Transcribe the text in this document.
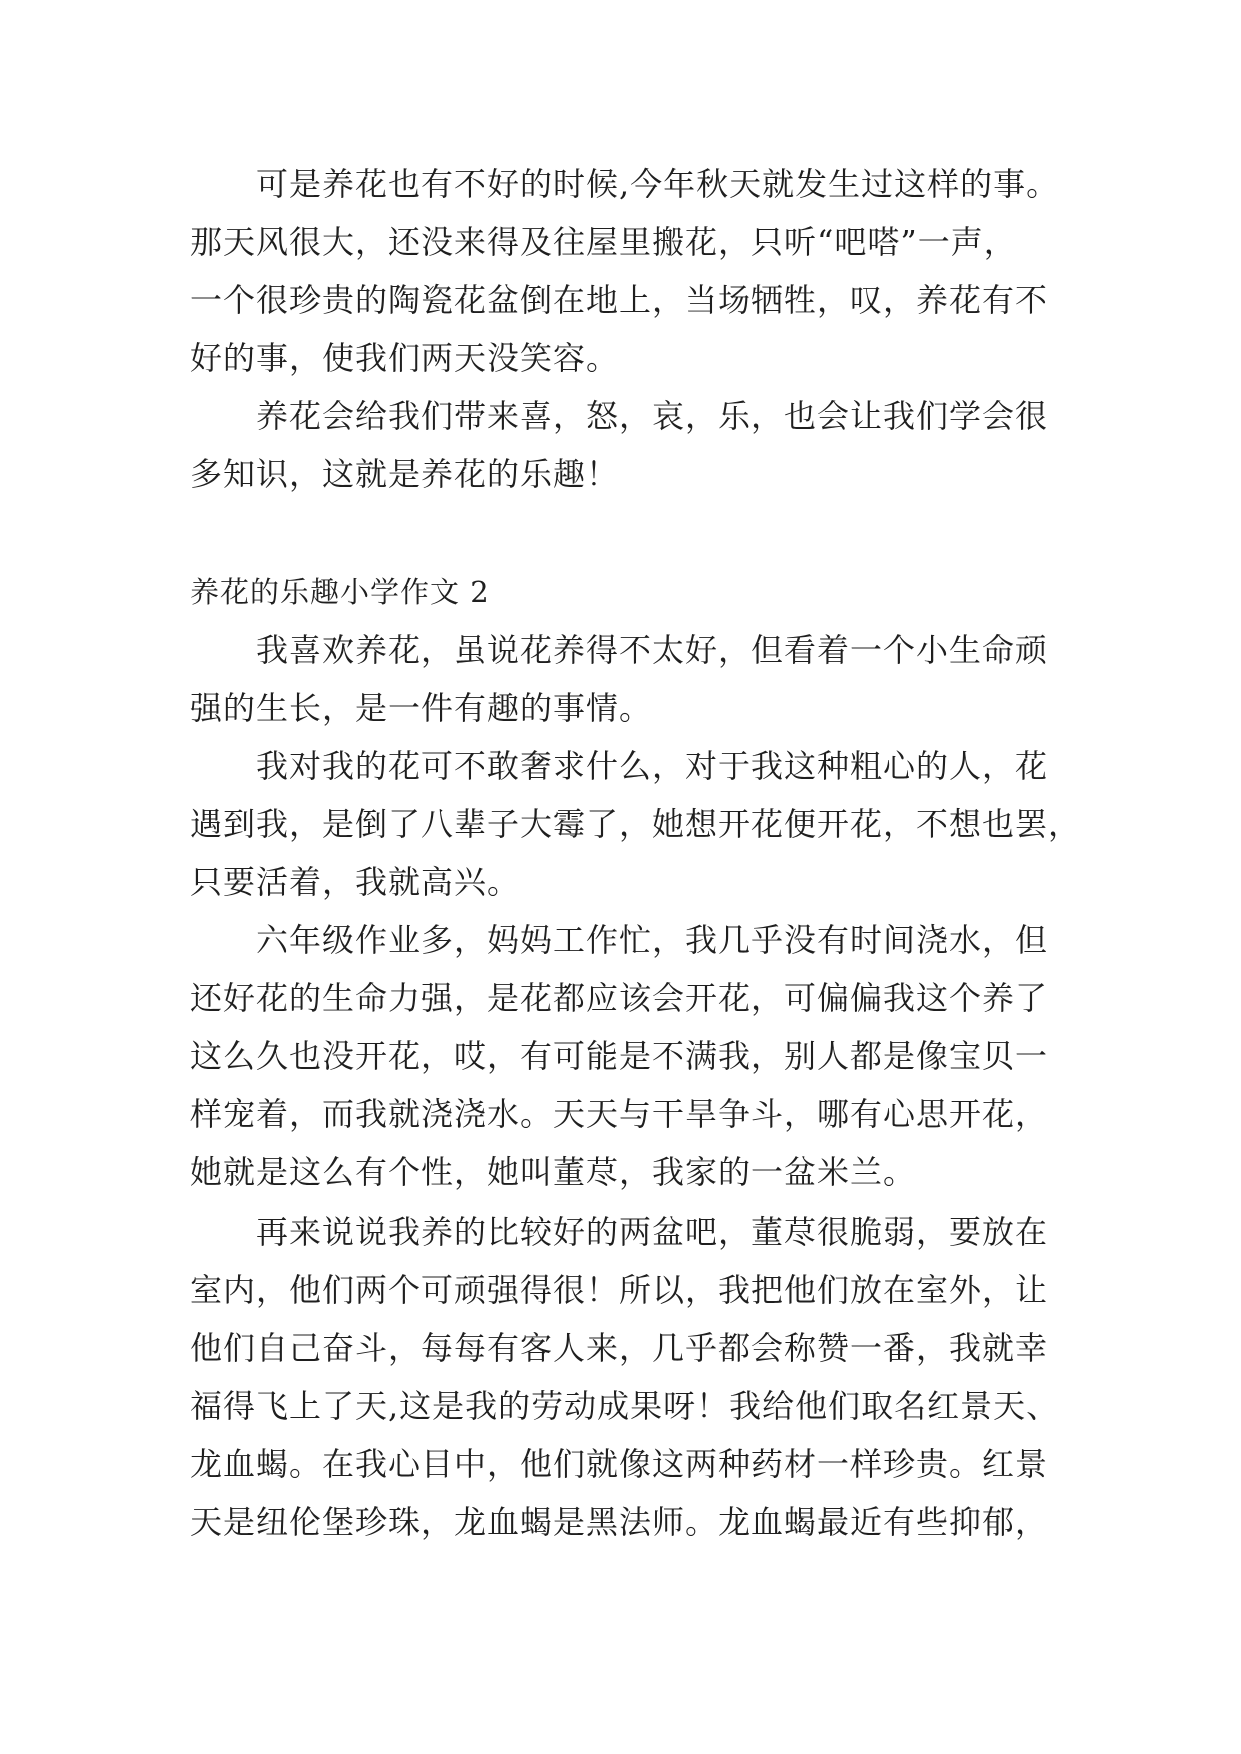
可是养花也有不好的时候,今年秋天就发生过这样的事。
那天风很大，还没来得及往屋里搬花，只听“吧嗒”一声，
一个很珍贵的陶瓷花盆倒在地上，当场牺牲，叹，养花有不
好的事，使我们两天没笑容。
养花会给我们带来喜，怒，哀，乐，也会让我们学会很
多知识，这就是养花的乐趣！
养花的乐趣小学作文 2
我喜欢养花，虽说花养得不太好，但看着一个小生命顽
强的生长，是一件有趣的事情。
我对我的花可不敢奢求什么，对于我这种粗心的人，花
遇到我，是倒了八辈子大霉了，她想开花便开花，不想也罢，
只要活着，我就高兴。
六年级作业多，妈妈工作忙，我几乎没有时间浇水，但
还好花的生命力强，是花都应该会开花，可偏偏我这个养了
这么久也没开花，哎，有可能是不满我，别人都是像宝贝一
样宠着，而我就浇浇水。天天与干旱争斗，哪有心思开花，
她就是这么有个性，她叫董荩，我家的一盆米兰。
再来说说我养的比较好的两盆吧，董荩很脆弱，要放在
室内，他们两个可顽强得很！所以，我把他们放在室外，让
他们自己奋斗，每每有客人来，几乎都会称赞一番，我就幸
福得飞上了天,这是我的劳动成果呀！我给他们取名红景天、
龙血蝎。在我心目中，他们就像这两种药材一样珍贵。红景
天是纽伦堡珍珠，龙血蝎是黑法师。龙血蝎最近有些抑郁，
